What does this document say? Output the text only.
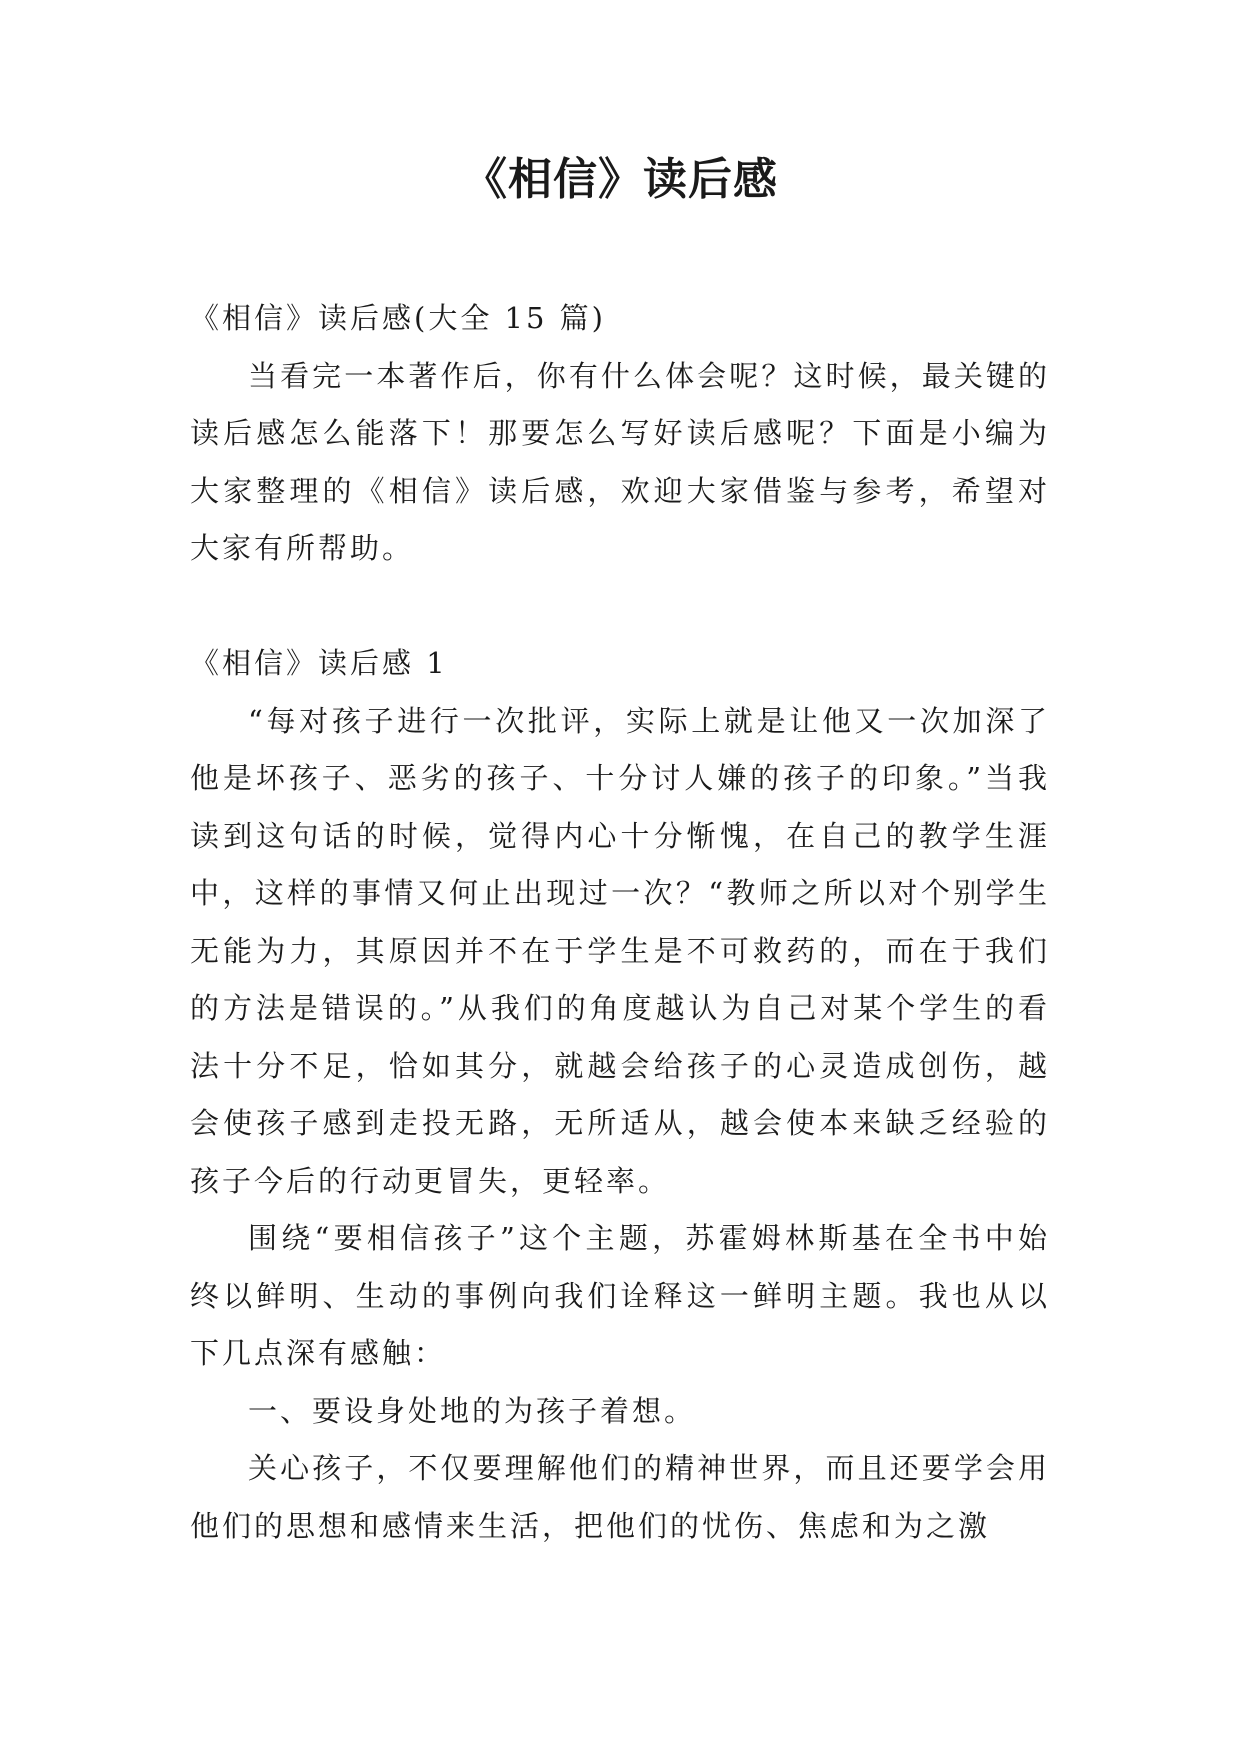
《相信》读后感

《相信》读后感(大全 15 篇)

当看完一本著作后，你有什么体会呢？这时候，最关键的读后感怎么能落下！那要怎么写好读后感呢？下面是小编为大家整理的《相信》读后感，欢迎大家借鉴与参考，希望对大家有所帮助。

《相信》读后感 1

“每对孩子进行一次批评，实际上就是让他又一次加深了他是坏孩子、恶劣的孩子、十分讨人嫌的孩子的印象。”当我读到这句话的时候，觉得内心十分惭愧，在自己的教学生涯中，这样的事情又何止出现过一次？“教师之所以对个别学生无能为力，其原因并不在于学生是不可救药的，而在于我们的方法是错误的。”从我们的角度越认为自己对某个学生的看法十分不足，恰如其分，就越会给孩子的心灵造成创伤，越会使孩子感到走投无路，无所适从，越会使本来缺乏经验的孩子今后的行动更冒失，更轻率。

围绕“要相信孩子”这个主题，苏霍姆林斯基在全书中始终以鲜明、生动的事例向我们诠释这一鲜明主题。我也从以下几点深有感触：

一、要设身处地的为孩子着想。

关心孩子，不仅要理解他们的精神世界，而且还要学会用他们的思想和感情来生活，把他们的忧伤、焦虑和为之激
